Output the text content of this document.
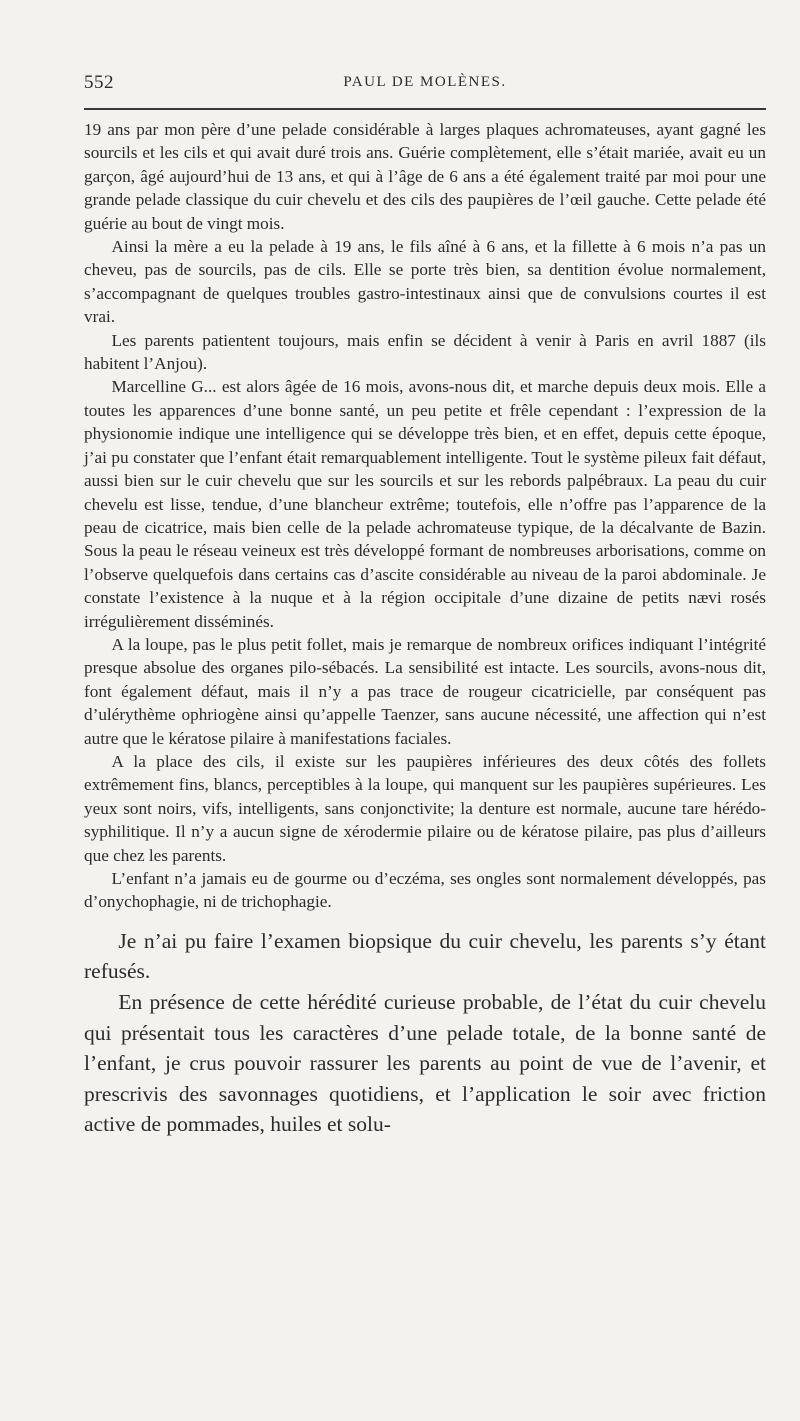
552	PAUL DE MOLÈNES.

19 ans par mon père d’une pelade considérable à larges plaques achromateuses, ayant gagné les sourcils et les cils et qui avait duré trois ans. Guérie complètement, elle s’était mariée, avait eu un garçon, âgé aujourd’hui de 13 ans, et qui à l’âge de 6 ans a été également traité par moi pour une grande pelade classique du cuir chevelu et des cils des paupières de l’œil gauche. Cette pelade été guérie au bout de vingt mois.

Ainsi la mère a eu la pelade à 19 ans, le fils aîné à 6 ans, et la fillette à 6 mois n’a pas un cheveu, pas de sourcils, pas de cils. Elle se porte très bien, sa dentition évolue normalement, s’accompagnant de quelques troubles gastro-intestinaux ainsi que de convulsions courtes il est vrai.

Les parents patientent toujours, mais enfin se décident à venir à Paris en avril 1887 (ils habitent l’Anjou).

Marcelline G... est alors âgée de 16 mois, avons-nous dit, et marche depuis deux mois. Elle a toutes les apparences d’une bonne santé, un peu petite et frêle cependant : l’expression de la physionomie indique une intelligence qui se développe très bien, et en effet, depuis cette époque, j’ai pu constater que l’enfant était remarquablement intelligente. Tout le système pileux fait défaut, aussi bien sur le cuir chevelu que sur les sourcils et sur les rebords palpébraux. La peau du cuir chevelu est lisse, tendue, d’une blancheur extrême; toutefois, elle n’offre pas l’apparence de la peau de cicatrice, mais bien celle de la pelade achromateuse typique, de la décalvante de Bazin. Sous la peau le réseau veineux est très développé formant de nombreuses arborisations, comme on l’observe quelquefois dans certains cas d’ascite considérable au niveau de la paroi abdominale. Je constate l’existence à la nuque et à la région occipitale d’une dizaine de petits nævi rosés irrégulièrement disséminés.

A la loupe, pas le plus petit follet, mais je remarque de nombreux orifices indiquant l’intégrité presque absolue des organes pilo-sébacés. La sensibilité est intacte. Les sourcils, avons-nous dit, font également défaut, mais il n’y a pas trace de rougeur cicatricielle, par conséquent pas d’ulérythème ophriogène ainsi qu’appelle Taenzer, sans aucune nécessité, une affection qui n’est autre que le kératose pilaire à manifestations faciales.

A la place des cils, il existe sur les paupières inférieures des deux côtés des follets extrêmement fins, blancs, perceptibles à la loupe, qui manquent sur les paupières supérieures. Les yeux sont noirs, vifs, intelligents, sans conjonctivite; la denture est normale, aucune tare hérédo-syphilitique. Il n’y a aucun signe de xérodermie pilaire ou de kératose pilaire, pas plus d’ailleurs que chez les parents.

L’enfant n’a jamais eu de gourme ou d’eczéma, ses ongles sont normalement développés, pas d’onychophagie, ni de trichophagie.

Je n’ai pu faire l’examen biopsique du cuir chevelu, les parents s’y étant refusés.

En présence de cette hérédité curieuse probable, de l’état du cuir chevelu qui présentait tous les caractères d’une pelade totale, de la bonne santé de l’enfant, je crus pouvoir rassurer les parents au point de vue de l’avenir, et prescrivis des savonnages quotidiens, et l’application le soir avec friction active de pommades, huiles et solu-
